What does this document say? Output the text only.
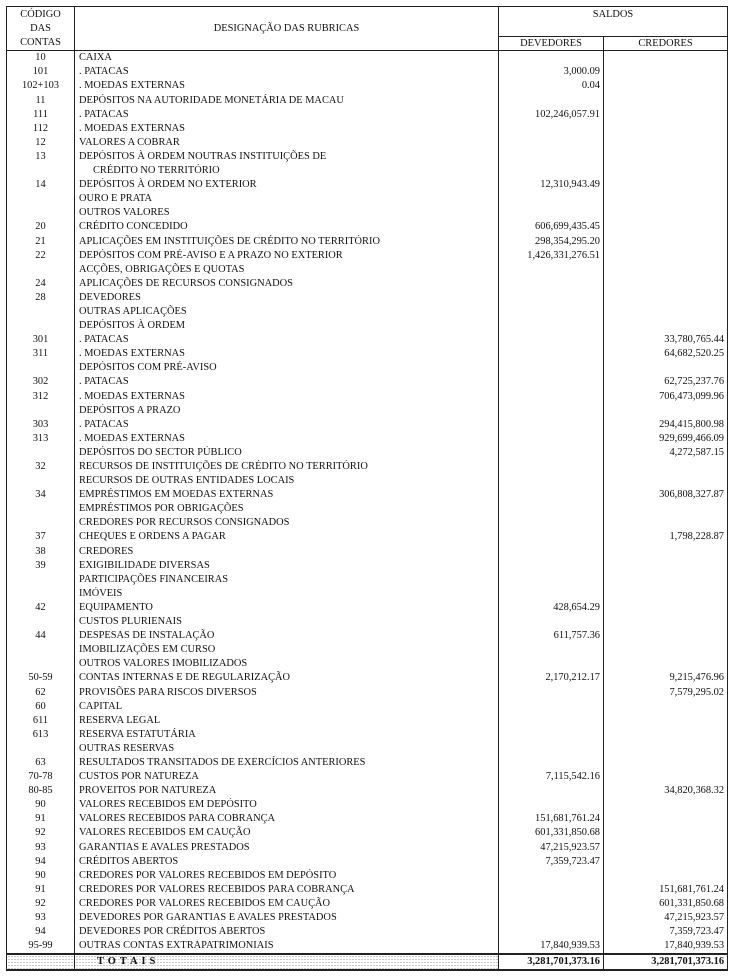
CÓDIGO
DAS
CONTAS	DESIGNAÇÃO DAS RUBRICAS	SALDOS	
		DEVEDORES	CREDORES
10	CAIXA		
101	. PATACAS	3,000.09	
102+103	. MOEDAS EXTERNAS	0.04	
11	DEPÓSITOS NA AUTORIDADE MONETÁRIA DE MACAU		
111	. PATACAS	102,246,057.91	
112	. MOEDAS EXTERNAS		
12	VALORES A COBRAR		
13	DEPÓSITOS À ORDEM NOUTRAS INSTITUIÇÕES DE		
	CRÉDITO NO TERRITÓRIO		
14	DEPÓSITOS À ORDEM NO EXTERIOR	12,310,943.49	
	OURO E PRATA		
	OUTROS VALORES		
20	CRÉDITO CONCEDIDO	606,699,435.45	
21	APLICAÇÕES EM INSTITUIÇÕES DE CRÉDITO NO TERRITÓRIO	298,354,295.20	
22	DEPÓSITOS COM PRÉ-AVISO E A PRAZO NO EXTERIOR	1,426,331,276.51	
	ACÇÕES, OBRIGAÇÕES E QUOTAS		
24	APLICAÇÕES DE RECURSOS CONSIGNADOS		
28	DEVEDORES		
	OUTRAS APLICAÇÕES		
	DEPÓSITOS À ORDEM		
301	. PATACAS		33,780,765.44
311	. MOEDAS EXTERNAS		64,682,520.25
	DEPÓSITOS COM PRÉ-AVISO		
302	. PATACAS		62,725,237.76
312	. MOEDAS EXTERNAS		706,473,099.96
	DEPÓSITOS A PRAZO		
303	. PATACAS		294,415,800.98
313	. MOEDAS EXTERNAS		929,699,466.09
	DEPÓSITOS DO SECTOR PÚBLICO		4,272,587.15
32	RECURSOS DE INSTITUIÇÕES DE CRÉDITO NO TERRITÓRIO		
	RECURSOS DE OUTRAS ENTIDADES LOCAIS		
34	EMPRÉSTIMOS EM MOEDAS EXTERNAS		306,808,327.87
	EMPRÉSTIMOS POR OBRIGAÇÕES		
	CREDORES POR RECURSOS CONSIGNADOS		
37	CHEQUES E ORDENS A PAGAR		1,798,228.87
38	CREDORES		
39	EXIGIBILIDADE DIVERSAS		
	PARTICIPAÇÕES FINANCEIRAS		
	IMÓVEIS		
42	EQUIPAMENTO	428,654.29	
	CUSTOS PLURIENAIS		
44	DESPESAS DE INSTALAÇÃO	611,757.36	
	IMOBILIZAÇÕES EM CURSO		
	OUTROS VALORES IMOBILIZADOS		
50-59	CONTAS INTERNAS E DE REGULARIZAÇÃO	2,170,212.17	9,215,476.96
62	PROVISÕES PARA RISCOS DIVERSOS		7,579,295.02
60	CAPITAL		
611	RESERVA LEGAL		
613	RESERVA ESTATUTÁRIA		
	OUTRAS RESERVAS		
63	RESULTADOS TRANSITADOS DE EXERCÍCIOS ANTERIORES		
70-78	CUSTOS POR NATUREZA	7,115,542.16	
80-85	PROVEITOS POR NATUREZA		34,820,368.32
90	VALORES RECEBIDOS EM DEPÓSITO		
91	VALORES RECEBIDOS PARA COBRANÇA	151,681,761.24	
92	VALORES RECEBIDOS EM CAUÇÃO	601,331,850.68	
93	GARANTIAS E AVALES PRESTADOS	47,215,923.57	
94	CRÉDITOS ABERTOS	7,359,723.47	
90	CREDORES POR VALORES RECEBIDOS EM DEPÓSITO		
91	CREDORES POR VALORES RECEBIDOS PARA COBRANÇA		151,681,761.24
92	CREDORES POR VALORES RECEBIDOS EM CAUÇÃO		601,331,850.68
93	DEVEDORES POR GARANTIAS E AVALES PRESTADOS		47,215,923.57
94	DEVEDORES POR CRÉDITOS ABERTOS		7,359,723.47
95-99	OUTRAS CONTAS EXTRAPATRIMONIAIS	17,840,939.53	17,840,939.53
	TOTAIS	3,281,701,373.16	3,281,701,373.16
